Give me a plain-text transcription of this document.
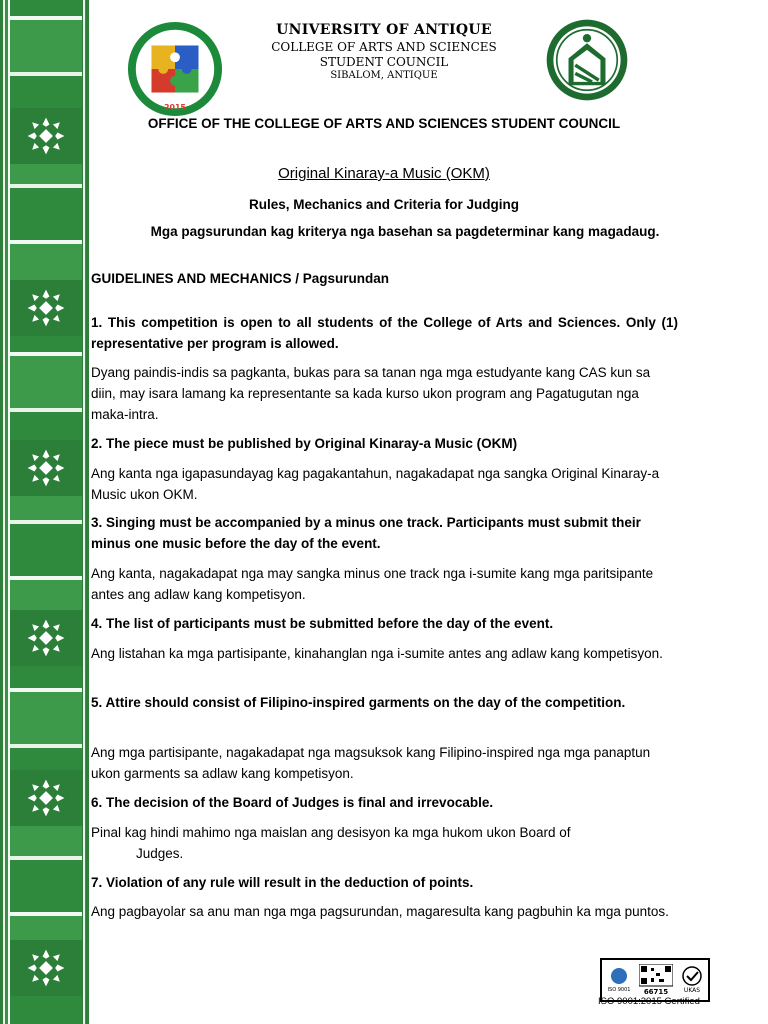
2015
UNIVERSITY OF ANTIQUE
COLLEGE OF ARTS AND SCIENCES
STUDENT COUNCIL
SIBALOM, ANTIQUE
OFFICE OF THE COLLEGE OF ARTS AND SCIENCES STUDENT COUNCIL
Original Kinaray-a Music (OKM)
Rules, Mechanics and Criteria for Judging
Mga pagsurundan kag kriterya nga basehan sa pagdeterminar kang magadaug.
GUIDELINES AND MECHANICS / Pagsurundan
1. This competition is open to all students of the College of Arts and Sciences. Only (1) representative per program is allowed.
Dyang paindis-indis sa pagkanta, bukas para sa tanan nga mga estudyante kang CAS kun sa diin, may isara lamang ka representante sa kada kurso ukon program ang Pagatugutan nga maka-intra.
2. The piece must be published by Original Kinaray-a Music (OKM)
Ang kanta nga igapasundayag kag pagakantahun, nagakadapat nga sangka Original Kinaray-a Music ukon OKM.
3. Singing must be accompanied by a minus one track. Participants must submit their minus one music before the day of the event.
Ang kanta, nagakadapat nga may sangka minus one track nga i-sumite kang mga paritsipante antes ang adlaw kang kompetisyon.
4. The list of participants must be submitted before the day of the event.
Ang listahan ka mga partisipante, kinahanglan nga i-sumite antes ang adlaw kang kompetisyon.
5. Attire should consist of Filipino-inspired garments on the day of the competition.
Ang mga partisipante, nagakadapat nga magsuksok kang Filipino-inspired nga mga panaptun ukon garments sa adlaw kang kompetisyon.
6. The decision of the Board of Judges is final and irrevocable.
Pinal kag hindi mahimo nga maislan ang desisyon ka mga hukom ukon Board of
Judges.
7. Violation of any rule will result in the deduction of points.
Ang pagbayolar sa anu man nga mga pagsurundan, magaresulta kang pagbuhin ka mga puntos.
ISO 9001 66715	UKAS
ISO 9001:2015 Certified
